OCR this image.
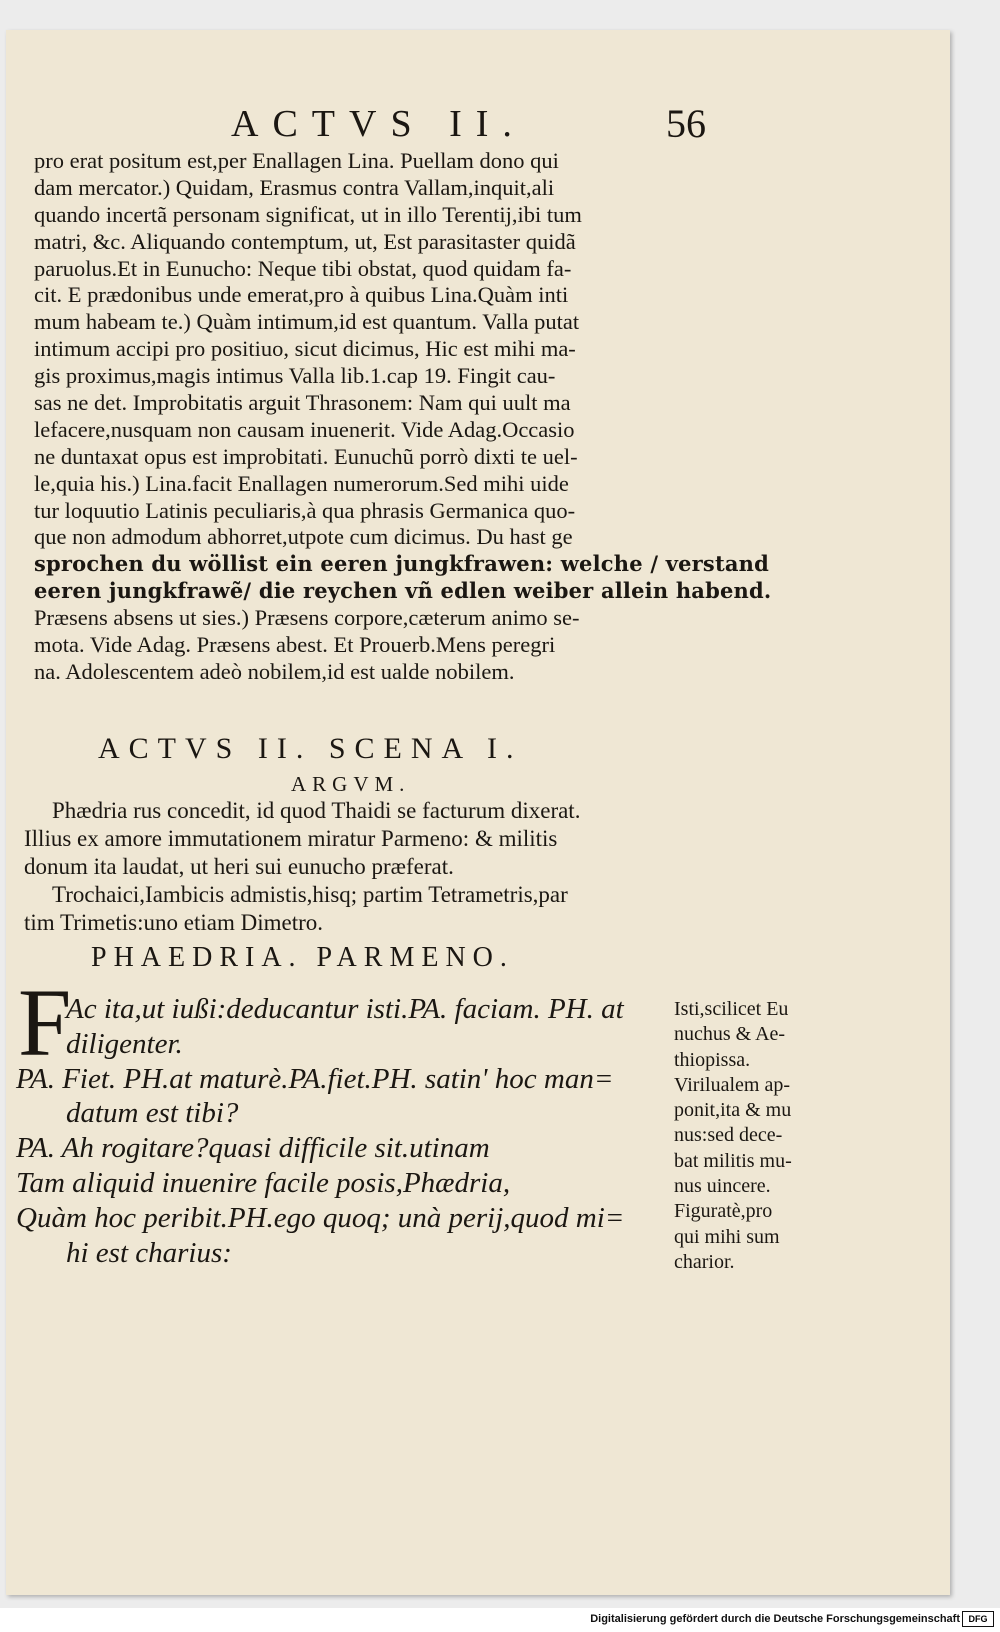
ACTVS II.	56
pro erat positum est,per Enallagen Lina. Puellam dono qui
dam mercator.) Quidam, Erasmus contra Vallam,inquit,ali
quando incertã personam significat, ut in illo Terentij,ibi tum
matri, &c. Aliquando contemptum, ut, Est parasitaster quidã
paruolus.Et in Eunucho: Neque tibi obstat, quod quidam fa-
cit. E prædonibus unde emerat,pro à quibus Lina.Quàm inti
mum habeam te.) Quàm intimum,id est quantum. Valla putat
intimum accipi pro positiuo, sicut dicimus, Hic est mihi ma-
gis proximus,magis intimus Valla lib.1.cap 19. Fingit cau-
sas ne det. Improbitatis arguit Thrasonem: Nam qui uult ma
lefacere,nusquam non causam inuenerit. Vide Adag.Occasio
ne duntaxat opus est improbitati. Eunuchũ porrò dixti te uel-
le,quia his.) Lina.facit Enallagen numerorum.Sed mihi uide
tur loquutio Latinis peculiaris,à qua phrasis Germanica quo-
que non admodum abhorret,utpote cum dicimus. Du hast ge
sprochen du wöllist ein eeren jungkfrawen: welche / verstand
eeren jungkfrawẽ/ die reychen vñ edlen weiber allein habend.
Præsens absens ut sies.) Præsens corpore,cæterum animo se-
mota. Vide Adag. Præsens abest. Et Prouerb.Mens peregri
na. Adolescentem adeò nobilem,id est ualde nobilem.
ACTVS II. SCENA I.
ARGVM.
Phædria rus concedit, id quod Thaidi se facturum dixerat.
Illius ex amore immutationem miratur Parmeno: & militis
donum ita laudat, ut heri sui eunucho præferat.
Trochaici,Iambicis admistis,hisq; partim Tetrametris,par
tim Trimetis:uno etiam Dimetro.
PHAEDRIA. PARMENO.
F
Ac ita,ut iußi:deducantur isti.PA. faciam. PH. at
diligenter.
PA. Fiet. PH.at maturè.PA.fiet.PH. satin' hoc man=
datum est tibi?
PA. Ah rogitare?quasi difficile sit.utinam
Tam aliquid inuenire facile posis,Phædria,
Quàm hoc peribit.PH.ego quoq; unà perij,quod mi=
hi est charius:
Isti,scilicet Eu
nuchus & Ae-
thiopissa.
Virilualem ap-
ponit,ita & mu
nus:sed dece-
bat militis mu-
nus uincere.
Figuratè,pro
qui mihi sum
charior.
Digitalisierung gefördert durch die Deutsche Forschungsgemeinschaft DFG
